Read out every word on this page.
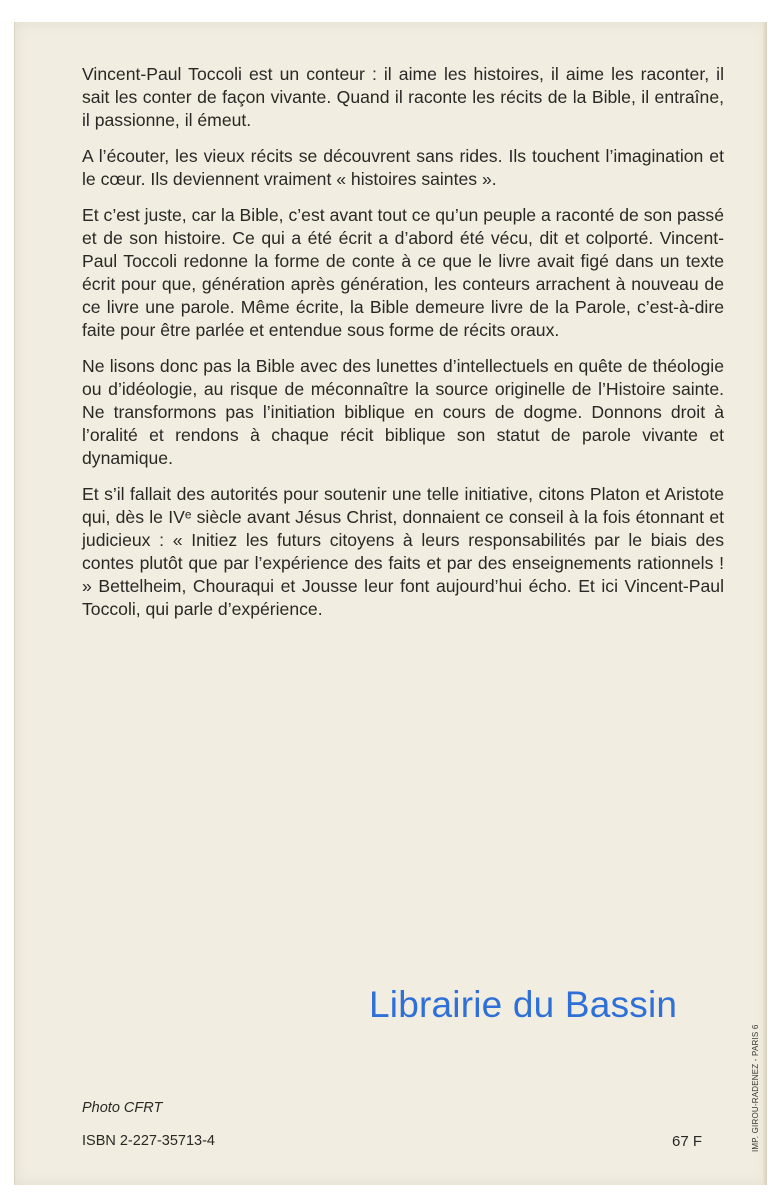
Vincent-Paul Toccoli est un conteur : il aime les histoires, il aime les raconter, il sait les conter de façon vivante. Quand il raconte les récits de la Bible, il entraîne, il passionne, il émeut.

A l’écouter, les vieux récits se découvrent sans rides. Ils touchent l’imagination et le cœur. Ils deviennent vraiment « histoires saintes ».

Et c’est juste, car la Bible, c’est avant tout ce qu’un peuple a raconté de son passé et de son histoire. Ce qui a été écrit a d’abord été vécu, dit et colporté. Vincent-Paul Toccoli redonne la forme de conte à ce que le livre avait figé dans un texte écrit pour que, génération après génération, les conteurs arrachent à nouveau de ce livre une parole. Même écrite, la Bible demeure livre de la Parole, c’est-à-dire faite pour être parlée et entendue sous forme de récits oraux.

Ne lisons donc pas la Bible avec des lunettes d’intellectuels en quête de théologie ou d’idéologie, au risque de méconnaître la source originelle de l’Histoire sainte. Ne transformons pas l’initiation biblique en cours de dogme. Donnons droit à l’oralité et rendons à chaque récit biblique son statut de parole vivante et dynamique.

Et s’il fallait des autorités pour soutenir une telle initiative, citons Platon et Aristote qui, dès le IVᵉ siècle avant Jésus Christ, donnaient ce conseil à la fois étonnant et judicieux : « Initiez les futurs citoyens à leurs responsabilités par le biais des contes plutôt que par l’expérience des faits et par des enseignements rationnels ! » Bettelheim, Chouraqui et Jousse leur font aujourd’hui écho. Et ici Vincent-Paul Toccoli, qui parle d’expérience.

Librairie du Bassin
Photo CFRT
ISBN 2-227-35713-4	67 F	IMP. GIROU-RADENEZ - PARIS 6
